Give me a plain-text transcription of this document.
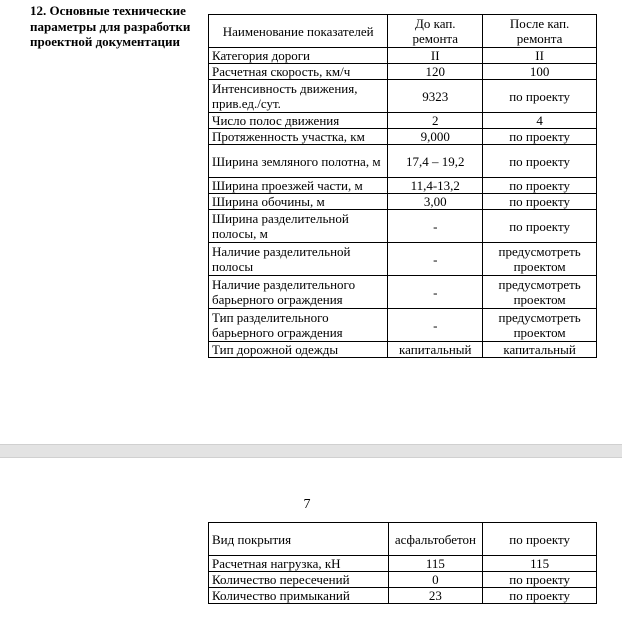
12. Основные технические параметры для разработки проектной документации
Наименование показателей	До кап. ремонта	После кап. ремонта
Категория дороги	II	II
Расчетная скорость, км/ч	120	100
Интенсивность движения, прив.ед./сут.	9323	по проекту
Число полос движения	2	4
Протяженность участка, км	9,000	по проекту
Ширина земляного полотна, м	17,4 – 19,2	по проекту
Ширина проезжей части, м	11,4-13,2	по проекту
Ширина обочины, м	3,00	по проекту
Ширина разделительной полосы, м	-	по проекту
Наличие разделительной полосы	-	предусмотреть проектом
Наличие разделительного барьерного ограждения	-	предусмотреть проектом
Тип разделительного барьерного ограждения	-	предусмотреть проектом
Тип дорожной одежды	капитальный	капитальный
7
Вид покрытия	асфальтобетон	по проекту
Расчетная нагрузка, кН	115	115
Количество пересечений	0	по проекту
Количество примыканий	23	по проекту
